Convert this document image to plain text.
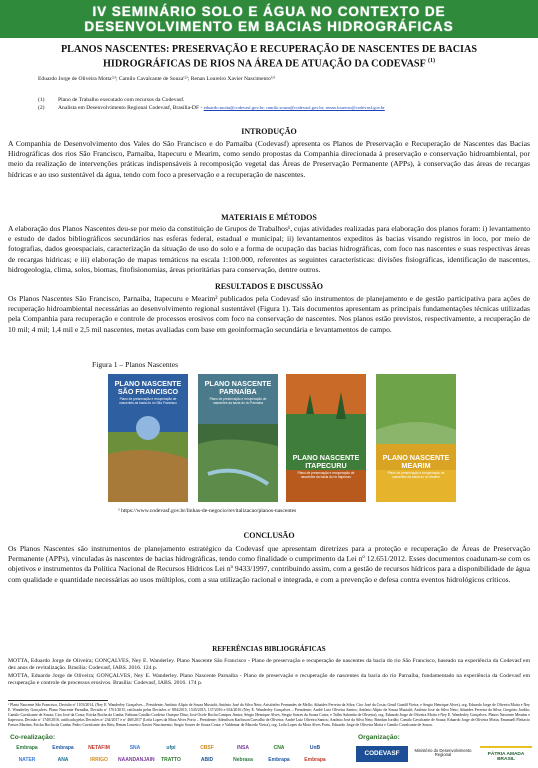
IV SEMINÁRIO SOLO E ÁGUA NO CONTEXTO DE
DESENVOLVIMENTO EM BACIAS HIDROGRÁFICAS
PLANOS NASCENTES: PRESERVAÇÃO E RECUPERAÇÃO DE NASCENTES DE BACIAS
HIDROGRÁFICAS DE RIOS NA ÁREA DE ATUAÇÃO DA CODEVASF $^{(1)}$
Eduardo Jorge de Oliveira Motta⁽²⁾; Camilo Cavalcante de Souza⁽²⁾; Renan Loureiro Xavier Nascimento⁽²⁾
(1) Plano de Trabalho executado com recursos da Codevasf.
(2) Analista em Desenvolvimento Regional Codevasf, Brasília-DF - eduardo.motta@codevasf.gov.br; camilo.souza@codevasf.gov.br; renan.loureiro@codevasf.gov.br
INTRODUÇÃO
A Companhia de Desenvolvimento dos Vales do São Francisco e do Parnaíba (Codevasf) apresenta os Planos de Preservação e Recuperação de Nascentes das Bacias Hidrográficas dos rios São Francisco, Parnaíba, Itapecuru e Mearim, como sendo propostas da Companhia direcionada à preservação e conservação hidroambiental, por meio da realização de intervenções práticas indispensáveis à recomposição vegetal das Áreas de Preservação Permanente (APPs), à conservação das áreas de recargas hídricas e ao uso sustentável da água, tendo com foco a preservação e a recuperação de nascentes.
MATERIAIS E MÉTODOS
A elaboração dos Planos Nascentes deu-se por meio da constituição de Grupos de Trabalhos¹, cujas atividades realizadas para elaboração dos planos foram: i) levantamento e estudo de dados bibliográficos secundários nas esferas federal, estadual e municipal; ii) levantamentos expeditos às bacias visando registros in loco, por meio de fotografias, dados geoespaciais, caracterização da situação de uso do solo e a forma de ocupação das bacias hidrográficas, com foco nas nascentes e suas respectivas áreas de recargas hídricas; e iii) elaboração de mapas temáticos na escala 1:100.000, referentes as seguintes características: divisões fisiográficas, identificação de nascentes, hidrogeologia, clima, solos, biomas, fitofisionomias, áreas prioritárias para conservação, dentre outros.
RESULTADOS E DISCUSSÃO
Os Planos Nascentes São Francisco, Parnaíba, Itapecuru e Mearim² publicados pela Codevasf são instrumentos de planejamento e de gestão participativa para ações de recuperação hidroambiental necessárias ao desenvolvimento regional sustentável (Figura 1). Tais documentos apresentam as principais fundamentações técnicas utilizadas pela Companhia para recuperação e controle de processos erosivos com foco na conservação de nascentes. Nos planos estão previstos, respectivamente, a recuperação de 10 mil; 4 mil; 1,4 mil e 2,5 mil nascentes, metas avaliadas com base em geoinformação secundária e levantamentos de campo.
Figura 1 – Planos Nascentes
PLANO NASCENTE SÃO FRANCISCO
Plano de preservação e recuperação de nascentes da bacia do rio São Francisco
PLANO NASCENTE PARNAÍBA
Plano de preservação e recuperação de nascentes da bacia do rio Parnaíba
PLANO NASCENTE ITAPECURU
Plano de preservação e recuperação de nascentes da bacia do rio Itapecuru
PLANO NASCENTE MEARIM
Plano de preservação e recuperação de nascentes da bacia do rio Mearim
² https://www.codevasf.gov.br/linhas-de-negocio/revitalizacao/planos-nascentes
CONCLUSÃO
Os Planos Nascentes são instrumentos de planejamento estratégico da Codevasf que apresentam diretrizes para a proteção e recuperação de Áreas de Preservação Permanente (APPs), vinculadas às nascentes de bacias hidrográficas, tendo como finalidade o cumprimento da Lei nº 12.651/2012. Esses documentos coadunam-se com os objetivos e instrumentos da Política Nacional de Recursos Hídricos Lei nº 9433/1997, contribuindo assim, com a gestão de recursos hídricos para a disponibilidade de água com qualidade e quantidade necessárias ao usos múltiplos, com a sua utilização racional e integrada, e com a prevenção e defesa contra eventos hidrológicos críticos.
REFERÊNCIAS BIBLIOGRÁFICAS
MOTTA, Eduardo Jorge de Oliveira; GONÇALVES, Ney E. Wanderley. Plano Nascente São Francisco - Plano de preservação e recuperação de nascentes da bacia do rio São Francisco, baseado na experiência da Codevasf em dez anos de revitalização. Brasília: Codevasf, IABS. 2016. 124 p.
MOTTA, Eduardo Jorge de Oliveira; GONÇALVES, Ney E. Wanderley. Plano Nascente Parnaíba - Plano de preservação e recuperação de nascentes da bacia do rio Parnaíba, fundamentado na experiência da Codevasf em recuperação e controle de processos erosivos. Brasília: Codevasf, IABS. 2016. 174 p.
¹ Plano Nascente São Francisco, Decisão nº 1103/2014, (Ney E. Wanderley Gonçalves – Presidente; Antônio Alípio de Souza Mustafá; Antônio José da Silva Neto; Aristóteles Fernandes de Mello; Athaides Ferreira da Silva; Ciro José da Costa; Genil Gandil Vieira; e Sergio Henrique Alves), org. Eduardo Jorge de Oliveira Motta e Ney E. Wanderley Gonçalves. Plano Nascente Parnaíba, Decisão nº 1761/2015, ratificada pelas Decisões nº 884/2015, 1545/2015, 137/2016 e 634/2016 (Ney E. Wanderley Gonçalves – Presidente; André Luiz Oliveira Santos; Antônio Alípio de Souza Mustafá; Antônio José da Silva Neto; Athaides Ferreira da Silva; Gregório Jordão; Camilo Cavalcante de Souza; Ciro José da Costa; Ericka Rocha da Cunha; Fabiana Catalão Cordeiro Ourique Dino; José Ocele Rocha Campos Júnior; Sérgio Henrique Alves; Sergio Soares da Souza Costa; e Talles Salomão de Oliveira), org. Eduardo Jorge de Oliveira Motta e Ney E. Wanderley Gonçalves. Planos Nascente Mearim e Itapecuru, Decisão nº 1740/2016, ratificada pelas Decisões nº 234/2017 e nº 460/2017 (Leila Lopes da Mota Alves Porto – Presidente; Adenilson Karlisson Carvalho de Oliveira; André Luiz Oliveira Santos; Antônio José da Silva Neto; Brindan Jordão; Camilo Cavalcante de Souza; Eduardo Jorge de Oliveira Motta; Emanuell Fleitacio Passos Martins; Ericka Rocha da Cunha; Pedro Cavalcante dos Reis; Renan Loureiro Xavier Nascimento; Sergio Soares de Souza Costa; e Valdemar de Macedo Vieira), org. Leila Lopes da Mota Alves Porto, Eduardo Jorge de Oliveira Motta e Camilo Cavalcante de Souza.
Co-realização:	Organização:
Embrapa	Embrapa	NETAFIM	SNA	ufpi	CBSF	INSA	CNA	UnB
NATER	ANA	IRRIGO	NAANDANJAIN	TRATTO	ABID	Nebrasa	Embrapa	Embrapa
CODEVASF	Ministério do Desenvolvimento Regional	PÁTRIA AMADA BRASIL
